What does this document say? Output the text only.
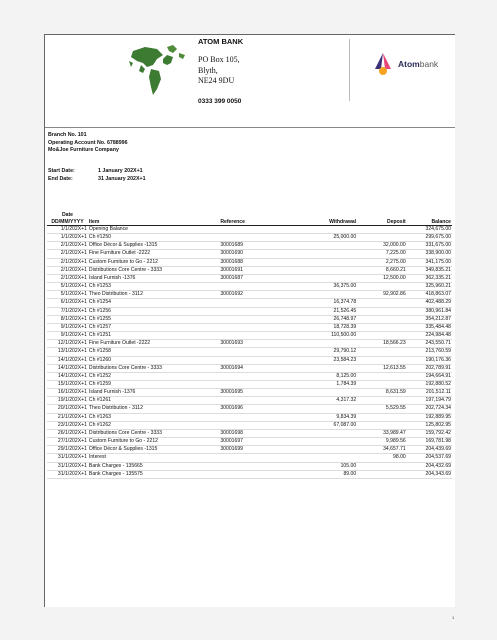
ATOM BANK
PO Box 105,
Blyth,
NE24 9DU
0333 399 0050
Atombank
Branch No. 101
Operating Account No. 6788996
Mo&Joe Furniture Company
Start Date:	1 January 202X+1
End Date:	31 January 202X+1
Date
DD/MM/YYYY	Item	Reference	Withdrawal	Deposit	Balance
1/1/202X+1	Opening Balance				324,675.00
1/1/202X+1	Ch #1250		25,000.00		299,675.00
2/1/202X+1	Office Décor & Supplies -1315	30001689		32,000.00	331,675.00
2/1/202X+1	Fine Furniture Outlet -2222	30001690		7,225.00	338,900.00
2/1/202X+1	Custom Furniture to Go - 2212	30001688		2,275.00	341,175.00
2/1/202X+1	Distributions Core Centre - 3333	30001691		8,660.21	349,835.21
2/1/202X+1	Island Furnish -1376	30001687		12,500.00	362,335.21
5/1/202X+1	Ch #1253		36,375.00		325,960.21
5/1/202X+1	Theo Distribution - 3112	30001692		92,902.86	418,863.07
6/1/202X+1	Ch #1254		16,374.78		402,488.29
7/1/202X+1	Ch #1256		21,526.45		380,961.84
8/1/202X+1	Ch #1255		26,748.97		354,212.87
9/1/202X+1	Ch #1257		18,728.39		335,484.48
9/1/202X+1	Ch #1251		110,500.00		224,984.48
12/1/202X+1	Fine Furniture Outlet -2222	30001693		18,566.23	243,550.71
13/1/202X+1	Ch #1258		29,790.12		213,760.59
14/1/202X+1	Ch #1260		23,584.23		190,176.36
14/1/202X+1	Distributions Core Centre - 3333	30001694		12,613.55	202,789.91
14/1/202X+1	Ch #1252		8,125.00		194,664.91
15/1/202X+1	Ch #1259		1,784.39		192,880.52
16/1/202X+1	Island Furnish -1376	30001695		8,631.59	201,512.11
19/1/202X+1	Ch #1261		4,317.32		197,194.79
20/1/202X+1	Theo Distribution - 3112	30001696		5,529.55	202,724.34
21/1/202X+1	Ch #1263		9,834.39		192,889.95
23/1/202X+1	Ch #1262		67,087.00		125,802.95
26/1/202X+1	Distributions Core Centre - 3333	30001698		33,989.47	159,792.42
27/1/202X+1	Custom Furniture to Go - 2212	30001697		9,989.56	169,781.98
29/1/202X+1	Office Décor & Supplies -1315	30001699		34,657.71	204,439.69
31/1/202X+1	Interest			98.00	204,537.69
31/1/202X+1	Bank Charges - 135665		105.00		204,432.69
31/1/202X+1	Bank Charges - 135575		89.00		204,343.69
1
